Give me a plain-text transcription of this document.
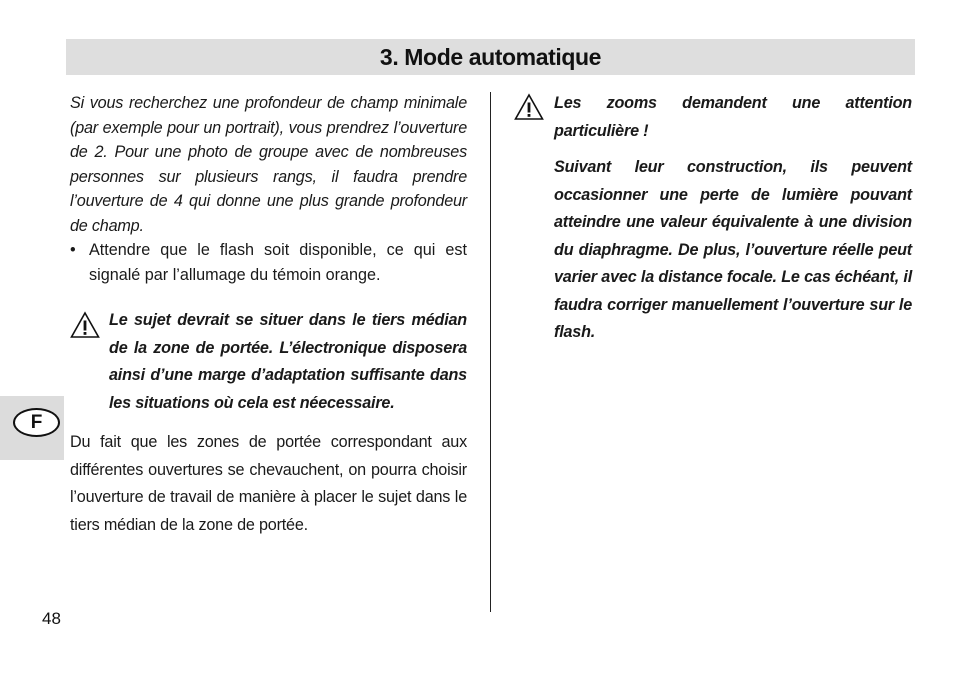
3. Mode automatique
F

Si vous recherchez une profondeur de champ minimale (par exemple pour un portrait), vous prendrez l’ouverture de 2. Pour une photo de groupe avec de nombreuses personnes sur plusieurs rangs, il faudra prendre l’ouverture de 4 qui donne une plus grande profondeur de champ.

• Attendre que le flash soit disponible, ce qui est signalé par l’allumage du témoin orange.

Le sujet devrait se situer dans le tiers médian de la zone de portée. L’électronique disposera ainsi d’une marge d’adaptation suffisante dans les situations où cela est néecessaire.

Du fait que les zones de portée correspondant aux différentes ouvertures se chevauchent, on pourra choisir l’ouverture de travail de manière à placer le sujet dans le tiers médian de la zone de portée.

Les zooms demandent une attention particulière !

Suivant leur construction, ils peuvent occasionner une perte de lumière pouvant atteindre une valeur équivalente à une division du diaphragme. De plus, l’ouverture réelle peut varier avec la distance focale. Le cas échéant, il faudra corriger manuellement l’ouverture sur le flash.

48
